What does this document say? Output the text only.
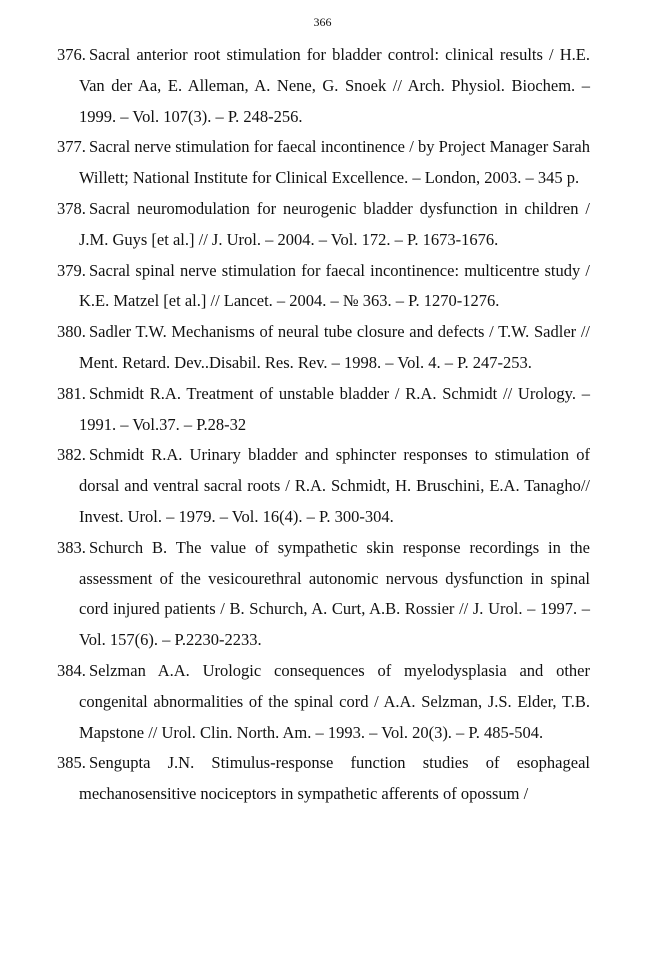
366
376. Sacral anterior root stimulation for bladder control: clinical results / H.E. Van der Aa, E. Alleman, A. Nene, G. Snoek // Arch. Physiol. Biochem. – 1999. – Vol. 107(3). – P. 248-256.
377. Sacral nerve stimulation for faecal incontinence / by Project Manager Sarah Willett; National Institute for Clinical Excellence. – London, 2003. – 345 p.
378. Sacral neuromodulation for neurogenic bladder dysfunction in children / J.M. Guys [et al.] // J. Urol. – 2004. – Vol. 172. – P. 1673-1676.
379. Sacral spinal nerve stimulation for faecal incontinence: multicentre study / K.E. Matzel [et al.] // Lancet. – 2004. – № 363. – P. 1270-1276.
380. Sadler T.W. Mechanisms of neural tube closure and defects / T.W. Sadler // Ment. Retard. Dev..Disabil. Res. Rev. – 1998. – Vol. 4. – P. 247-253.
381. Schmidt R.A. Treatment of unstable bladder / R.A. Schmidt // Urology. – 1991. – Vol.37. – P.28-32
382. Schmidt R.A. Urinary bladder and sphincter responses to stimulation of dorsal and ventral sacral roots / R.A. Schmidt, H. Bruschini, E.A. Tanagho// Invest. Urol. – 1979. – Vol. 16(4). – P. 300-304.
383. Schurch B. The value of sympathetic skin response recordings in the assessment of the vesicourethral autonomic nervous dysfunction in spinal cord injured patients / B. Schurch, A. Curt, A.B. Rossier // J. Urol. – 1997. – Vol. 157(6). – P.2230-2233.
384. Selzman A.A. Urologic consequences of myelodysplasia and other congenital abnormalities of the spinal cord / A.A. Selzman, J.S. Elder, T.B. Mapstone // Urol. Clin. North. Am. – 1993. – Vol. 20(3). – P. 485-504.
385. Sengupta J.N. Stimulus-response function studies of esophageal mechanosensitive nociceptors in sympathetic afferents of opossum /
